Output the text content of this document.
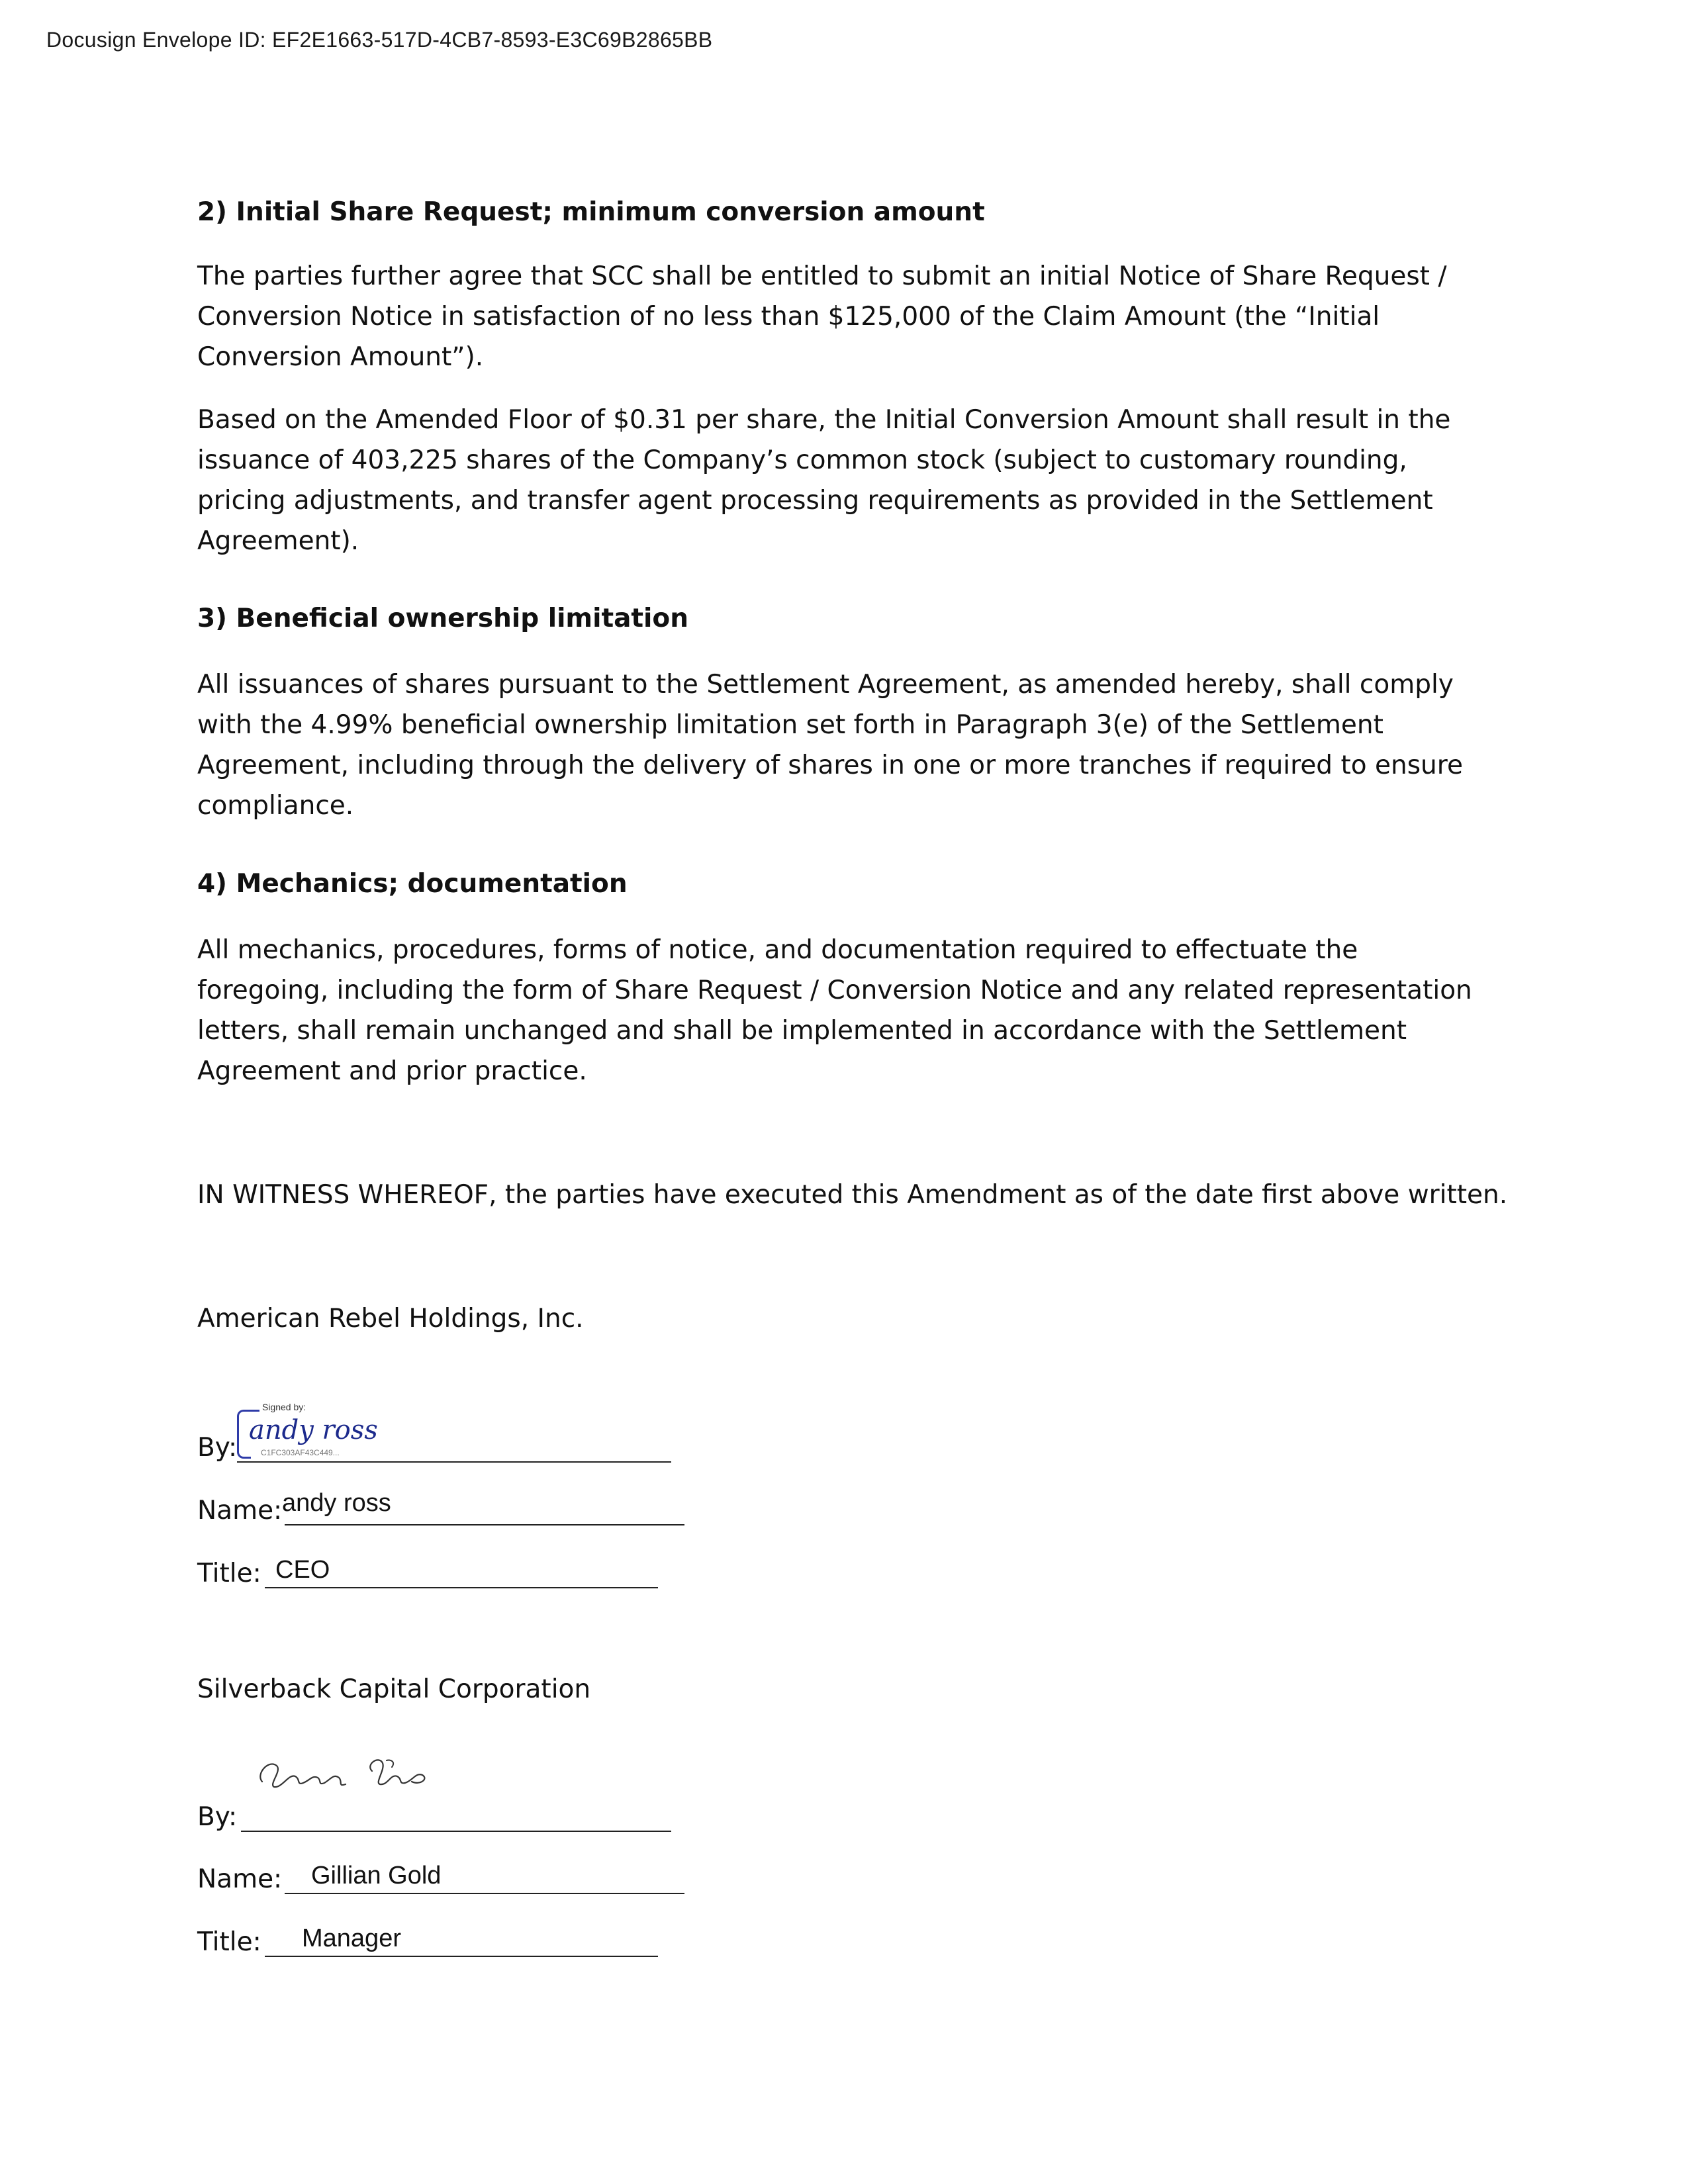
Docusign Envelope ID: EF2E1663-517D-4CB7-8593-E3C69B2865BB
2) Initial Share Request; minimum conversion amount

The parties further agree that SCC shall be entitled to submit an initial Notice of Share Request / Conversion Notice in satisfaction of no less than $125,000 of the Claim Amount (the “Initial Conversion Amount”).

Based on the Amended Floor of $0.31 per share, the Initial Conversion Amount shall result in the issuance of 403,225 shares of the Company’s common stock (subject to customary rounding, pricing adjustments, and transfer agent processing requirements as provided in the Settlement Agreement).

3) Beneficial ownership limitation

All issuances of shares pursuant to the Settlement Agreement, as amended hereby, shall comply with the 4.99% beneficial ownership limitation set forth in Paragraph 3(e) of the Settlement Agreement, including through the delivery of shares in one or more tranches if required to ensure compliance.

4) Mechanics; documentation

All mechanics, procedures, forms of notice, and documentation required to effectuate the foregoing, including the form of Share Request / Conversion Notice and any related representation letters, shall remain unchanged and shall be implemented in accordance with the Settlement Agreement and prior practice.

IN WITNESS WHEREOF, the parties have executed this Amendment as of the date first above written.

American Rebel Holdings, Inc.

By:
Signed by:
andy ross
C1FC303AF43C449...
Name: andy ross
Title: CEO

Silverback Capital Corporation

By:
Name: Gillian Gold
Title: Manager
